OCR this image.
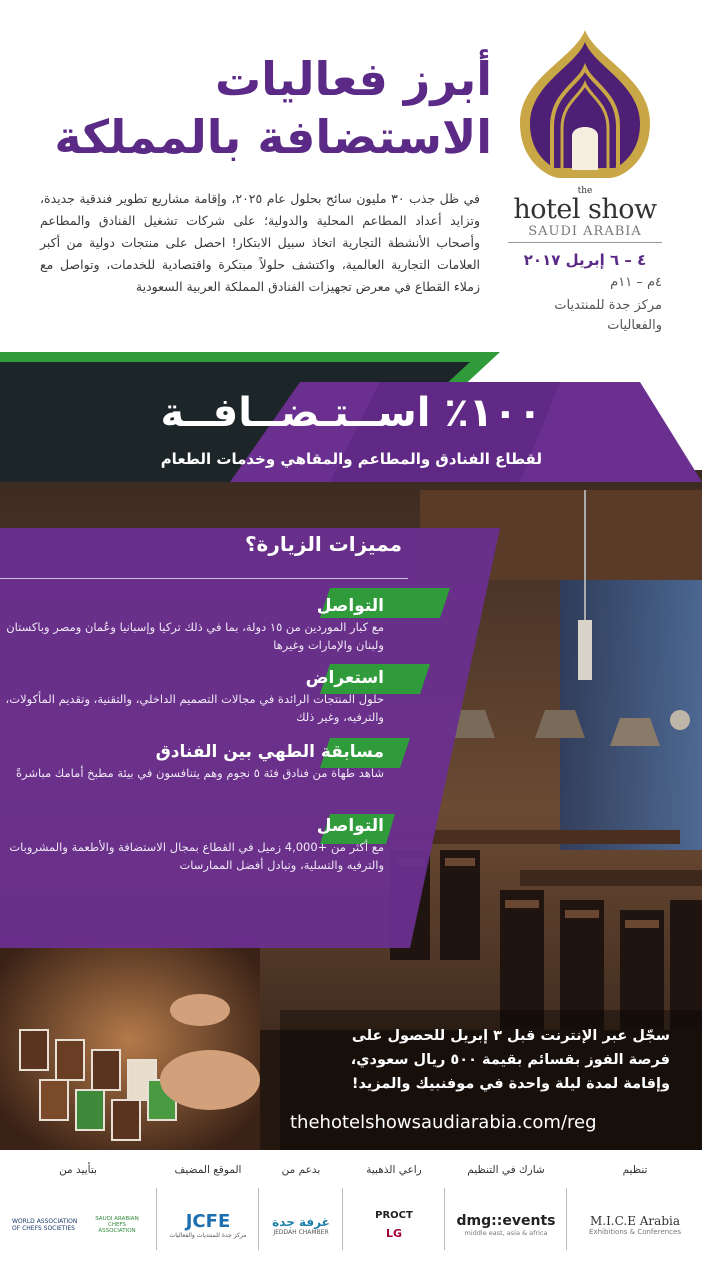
أبرز فعاليات
الاستضافة بالمملكة

في ظل جذب ٣٠ مليون سائح بحلول عام ٢٠٢٥، وإقامة مشاريع تطوير فندقية جديدة، وتزايد أعداد المطاعم المحلية والدولية؛ على شركات تشغيل الفنادق والمطاعم وأصحاب الأنشطة التجارية اتخاذ سبيل الابتكار! احصل على منتجات دولية من أكبر العلامات التجارية العالمية، واكتشف حلولاً مبتكرة واقتصادية للخدمات، وتواصل مع زملاء القطاع في معرض تجهيزات الفنادق المملكة العربية السعودية

the
hotel show
SAUDI ARABIA
٤ – ٦ إبريل ٢٠١٧
٤م – ١١م
مركز جدة للمنتديات والفعاليات
١٠٠٪ اســتـضــافــة
لقطاع الفنادق والمطاعم والمقاهي وخدمات الطعام
مميزات الزيارة؟
التواصل
مع كبار الموردين من ١٥ دولة، بما في ذلك تركيا وإسبانيا وعُمان ومصر وباكستان ولبنان والإمارات وغيرها
استعراض
حلول المنتجات الرائدة في مجالات التصميم الداخلي، والتقنية، وتقديم المأكولات، والترفيه، وغير ذلك
مسابقة الطهي بين الفنادق
شاهد طهاة من فنادق فئة ٥ نجوم وهم يتنافسون في بيئة مطبخ أمامك مباشرةً
التواصل
مع أكثر من +4,000 زميل في القطاع بمجال الاستضافة والأطعمة والمشروبات والترفيه والتسلية، وتبادل أفضل الممارسات
سجّل عبر الإنترنت قبل ٣ إبريل للحصول على
فرصة الفوز بقسائم بقيمة ٥٠٠ ريال سعودي،
وإقامة لمدة ليلة واحدة في موفنبيك والمزيد!
thehotelshowsaudiarabia.com/reg
تنظيم
M.I.C.E Arabia
Exhibitions & Conferences
شارك في التنظيم
dmg::events
middle east, asia & africa
راعي الذهبية
PROCT
LG
بدعم من
غرفة جدة
JEDDAH CHAMBER
الموقع المضيف
JCFE
مركز جدة للمنتديات والفعاليات
بتأييد من
WORLD ASSOCIATION OF CHEFS SOCIETIES
SAUDI ARABIAN CHEFS ASSOCIATION
